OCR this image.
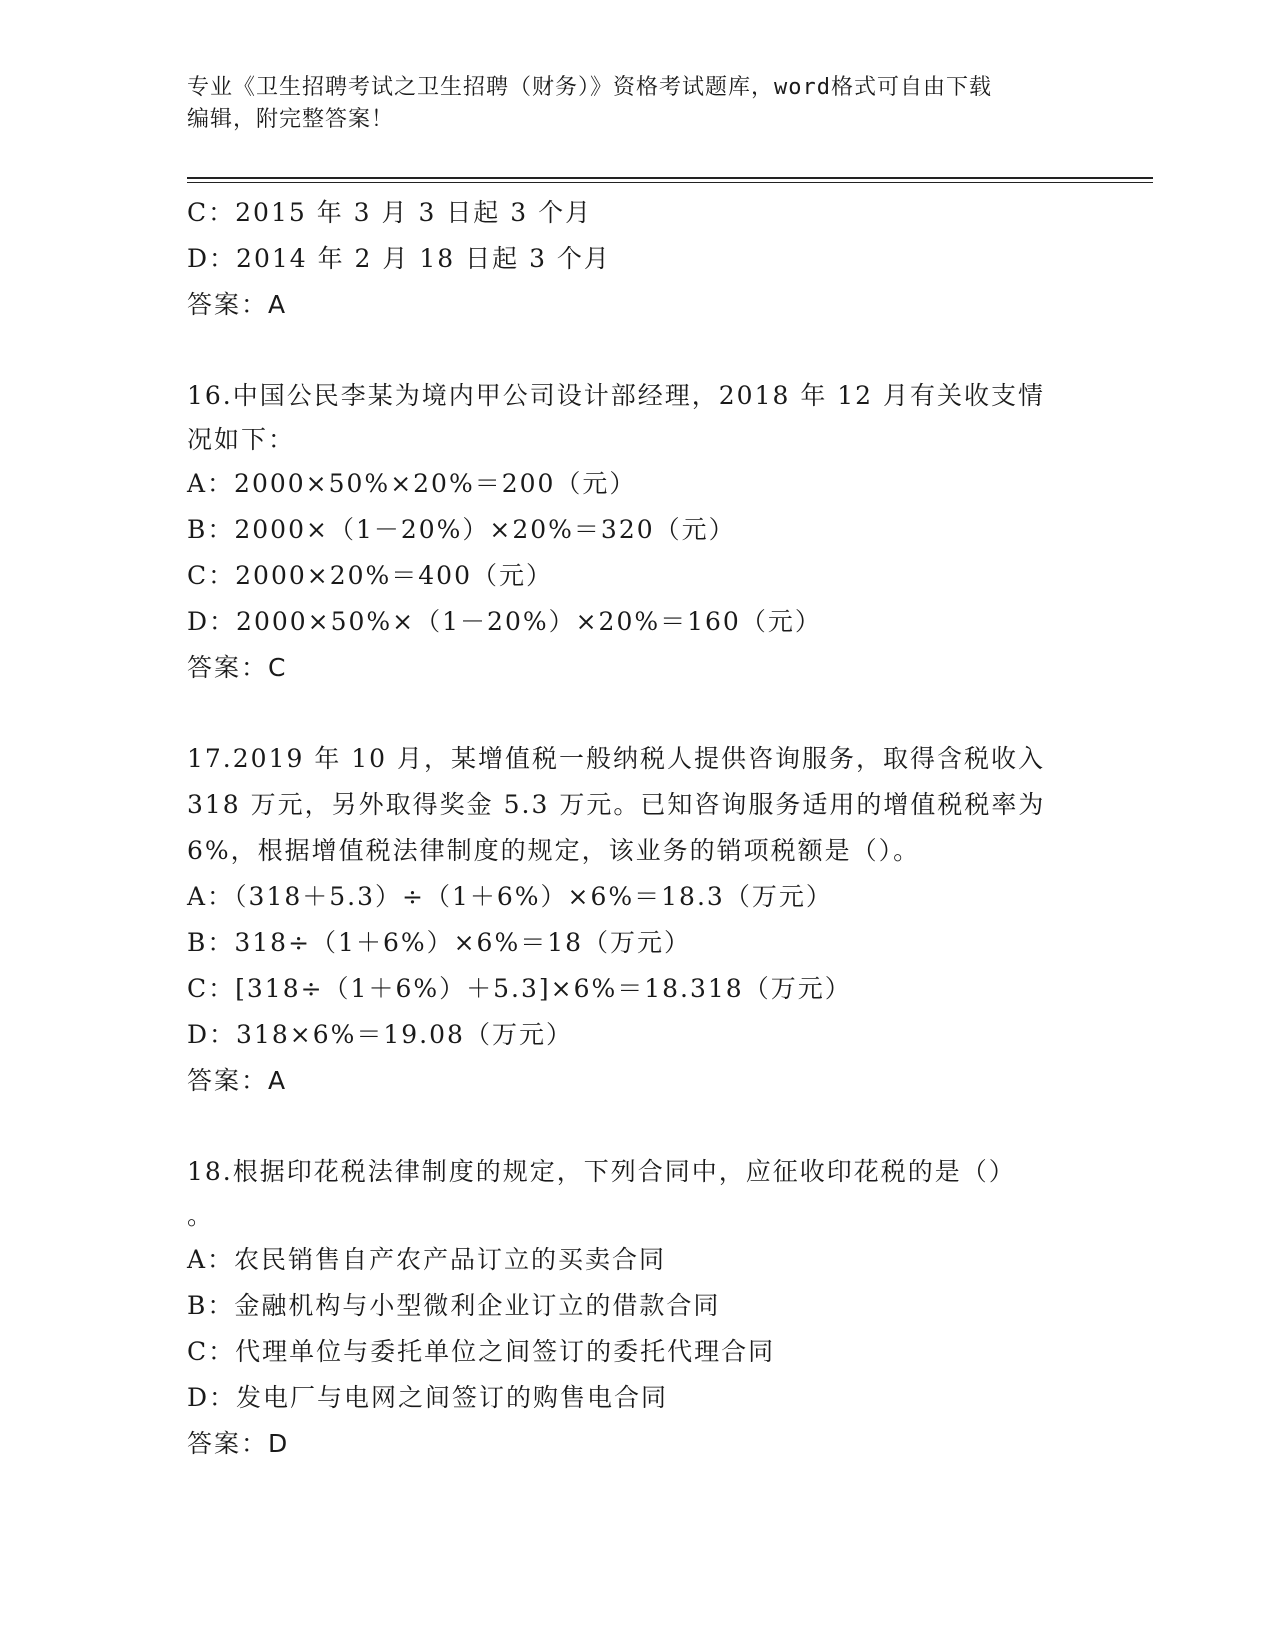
专业《卫生招聘考试之卫生招聘（财务）》资格考试题库，word格式可自由下载
编辑，附完整答案！
C：2015 年 3 月 3 日起 3 个月
D：2014 年 2 月 18 日起 3 个月
答案：A
16.中国公民李某为境内甲公司设计部经理，2018 年 12 月有关收支情
况如下：
A：2000×50%×20%＝200（元）
B：2000×（1－20%）×20%＝320（元）
C：2000×20%＝400（元）
D：2000×50%×（1－20%）×20%＝160（元）
答案：C
17.2019 年 10 月，某增值税一般纳税人提供咨询服务，取得含税收入
318 万元，另外取得奖金 5.3 万元。已知咨询服务适用的增值税税率为
6%，根据增值税法律制度的规定，该业务的销项税额是（）。
A：（318＋5.3）÷（1＋6%）×6%＝18.3（万元）
B：318÷（1＋6%）×6%＝18（万元）
C：[318÷（1＋6%）＋5.3]×6%＝18.318（万元）
D：318×6%＝19.08（万元）
答案：A
18.根据印花税法律制度的规定，下列合同中，应征收印花税的是（）
。
A：农民销售自产农产品订立的买卖合同
B：金融机构与小型微利企业订立的借款合同
C：代理单位与委托单位之间签订的委托代理合同
D：发电厂与电网之间签订的购售电合同
答案：D
